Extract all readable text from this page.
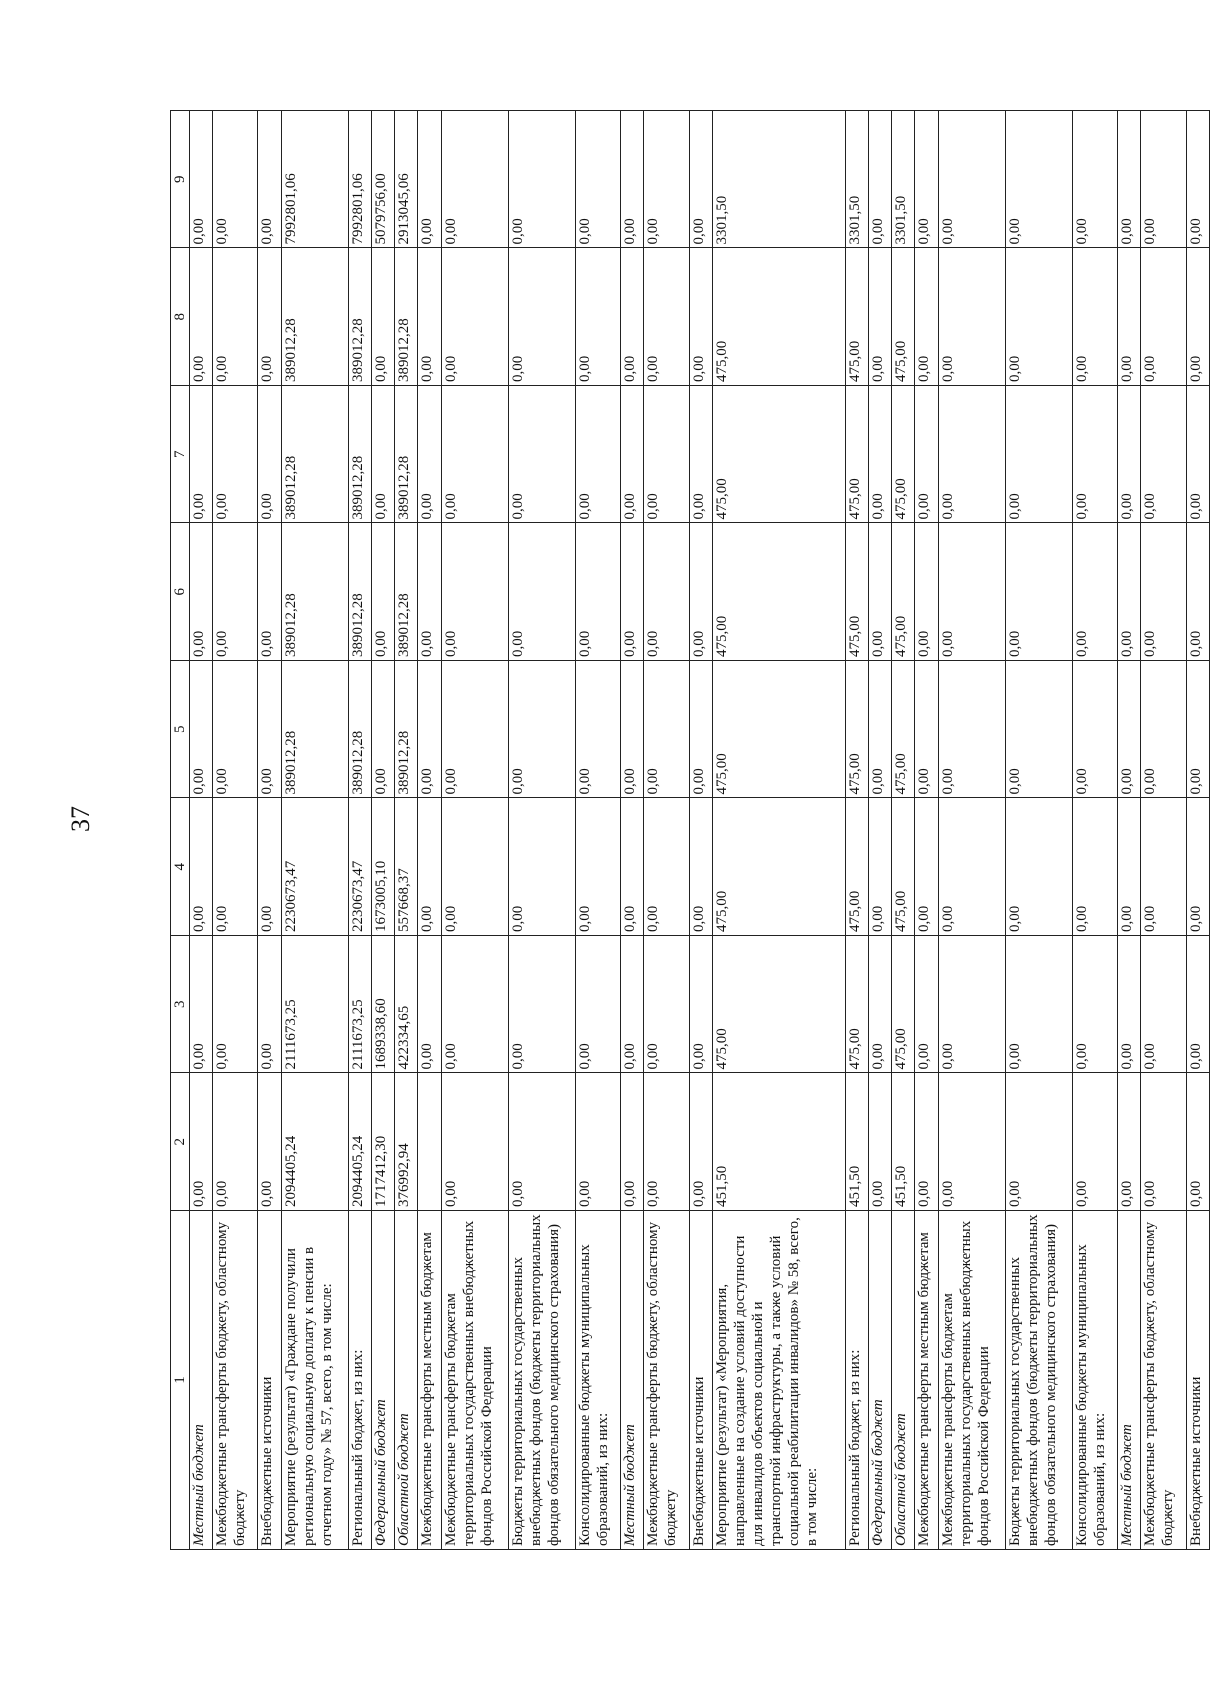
37
1	2	3	4	5	6	7	8	9
Местный бюджет	0,00	0,00	0,00	0,00	0,00	0,00	0,00	0,00
Межбюджетные трансферты бюджету, областному бюджету	0,00	0,00	0,00	0,00	0,00	0,00	0,00	0,00
Внебюджетные источники	0,00	0,00	0,00	0,00	0,00	0,00	0,00	0,00
Мероприятие (результат) «Граждане получили региональную социальную доплату к пенсии в отчетном году» № 57, всего, в том числе:	2094405,24	2111673,25	2230673,47	389012,28	389012,28	389012,28	389012,28	7992801,06
Региональный бюджет, из них:	2094405,24	2111673,25	2230673,47	389012,28	389012,28	389012,28	389012,28	7992801,06
Федеральный бюджет	1717412,30	1689338,60	1673005,10	0,00	0,00	0,00	0,00	5079756,00
Областной бюджет	376992,94	422334,65	557668,37	389012,28	389012,28	389012,28	389012,28	2913045,06
Межбюджетные трансферты местным бюджетам		0,00	0,00	0,00	0,00	0,00	0,00	0,00
Межбюджетные трансферты бюджетам территориальных государственных внебюджетных фондов Российской Федерации	0,00	0,00	0,00	0,00	0,00	0,00	0,00	0,00
Бюджеты территориальных государственных внебюджетных фондов (бюджеты территориальных фондов обязательного медицинского страхования)	0,00	0,00	0,00	0,00	0,00	0,00	0,00	0,00
Консолидированные бюджеты муниципальных образований, из них:	0,00	0,00	0,00	0,00	0,00	0,00	0,00	0,00
Местный бюджет	0,00	0,00	0,00	0,00	0,00	0,00	0,00	0,00
Межбюджетные трансферты бюджету, областному бюджету	0,00	0,00	0,00	0,00	0,00	0,00	0,00	0,00
Внебюджетные источники	0,00	0,00	0,00	0,00	0,00	0,00	0,00	0,00
Мероприятие (результат) «Мероприятия, направленные на создание условий доступности для инвалидов объектов социальной и транспортной инфраструктуры, а также условий социальной реабилитации инвалидов» № 58, всего, в том числе:	451,50	475,00	475,00	475,00	475,00	475,00	475,00	3301,50
Региональный бюджет, из них:	451,50	475,00	475,00	475,00	475,00	475,00	475,00	3301,50
Федеральный бюджет	0,00	0,00	0,00	0,00	0,00	0,00	0,00	0,00
Областной бюджет	451,50	475,00	475,00	475,00	475,00	475,00	475,00	3301,50
Межбюджетные трансферты местным бюджетам	0,00	0,00	0,00	0,00	0,00	0,00	0,00	0,00
Межбюджетные трансферты бюджетам территориальных государственных внебюджетных фондов Российской Федерации	0,00	0,00	0,00	0,00	0,00	0,00	0,00	0,00
Бюджеты территориальных государственных внебюджетных фондов (бюджеты территориальных фондов обязательного медицинского страхования)	0,00	0,00	0,00	0,00	0,00	0,00	0,00	0,00
Консолидированные бюджеты муниципальных образований, из них:	0,00	0,00	0,00	0,00	0,00	0,00	0,00	0,00
Местный бюджет	0,00	0,00	0,00	0,00	0,00	0,00	0,00	0,00
Межбюджетные трансферты бюджету, областному бюджету	0,00	0,00	0,00	0,00	0,00	0,00	0,00	0,00
Внебюджетные источники	0,00	0,00	0,00	0,00	0,00	0,00	0,00	0,00
